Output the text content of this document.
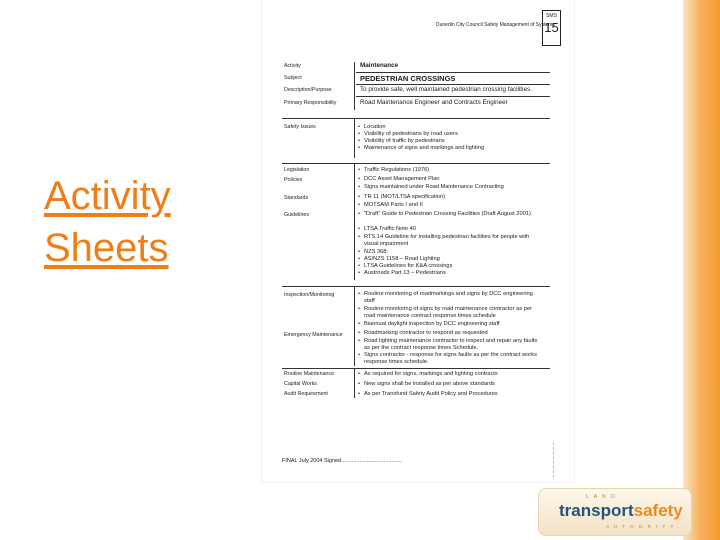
Activity
Sheets
Dunedin City Council Safety Management of Systems
SMS
15
Activity	Maintenance
Subject	PEDESTRIAN CROSSINGS
Description/Purpose	To provide safe, well maintained pedestrian crossing facilities.
Primary Responsibility	Road Maintenance Engineer and Contracts Engineer
Safety Issues
•	Location
• Visibility of pedestrians by road users
• Visibility of traffic by pedestrians
• Maintenance of signs and markings and lighting
Legislation
Policies
Standards
Guidelines
• Traffic Regulations (1976)
• DCC Asset Management Plan
• Signs maintained under Road Maintenance Contracting
• TR 11 (MOT/LTSA specification)
• MOTSAM Parts I and II
• "Draft" Guide to Pedestrian Crossing Facilities (Draft August 2001)
• LTSA Traffic Note 40
• RTS 14 Guideline for installing pedestrian facilities for people with visual impairment
• NZS 368:
• AS/NZS 1158 – Road Lighting
• LTSA Guidelines for K&A crossings
• Austroads Part 13 – Pedestrians
Inspection/Monitoring
Emergency Maintenance
• Routine monitoring of roadmarkings and signs by DCC engineering staff
• Routine monitoring of signs by road maintenance contractor as per road maintenance contract response times schedule
• Biannual daylight inspection by DCC engineering staff
• Roadmarking contractor to respond as requested
• Road lighting maintenance contractor to inspect and repair any faults as per the contract response times Schedule.
• Signs contractor - response for signs faults as per the contract works response times schedule.
Routine Maintenance
Capital Works
Audit Requirement
• As required for signs, markings and lighting contracts
• New signs shall be installed as per above standards
• As per Transfund Safety Audit Policy and Procedures
FINAL July 2004 Signed........................................
L A N D
transportsafety
A U T H O R I T Y
